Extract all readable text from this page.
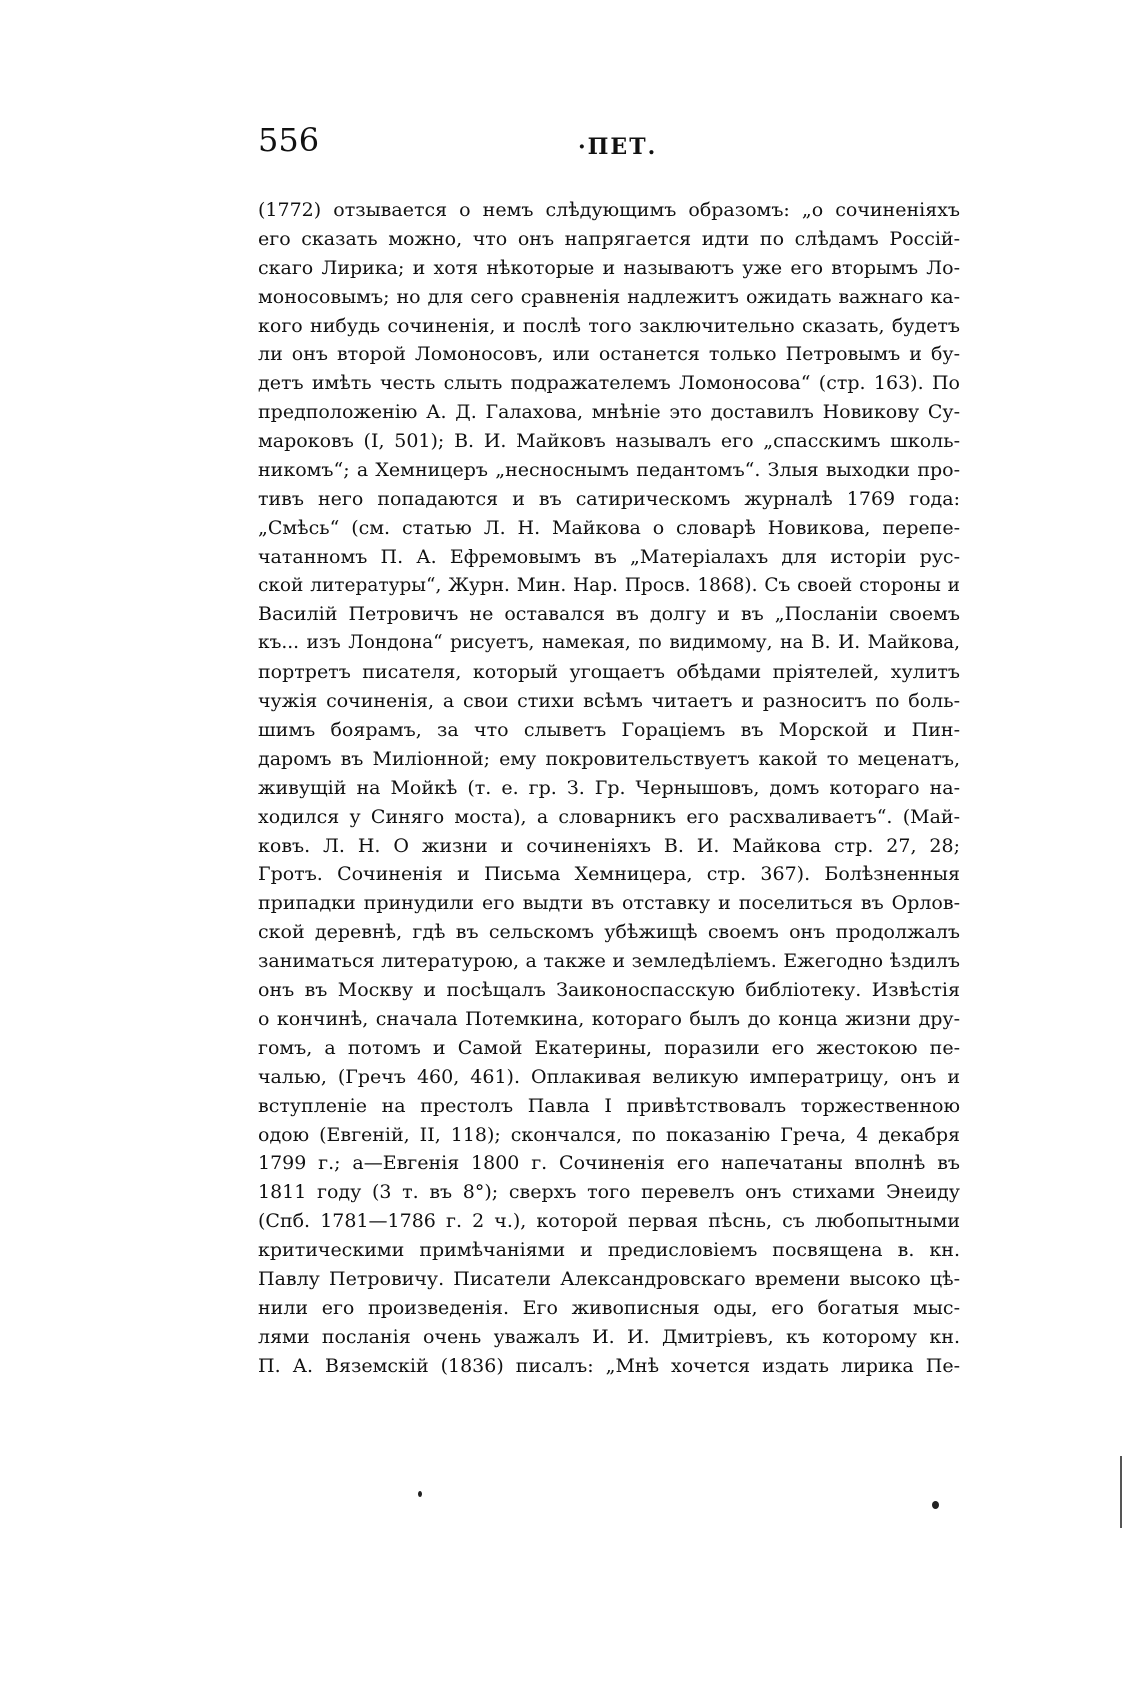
556	·ПЕТ.
(1772) отзывается о немъ слѣдующимъ образомъ: „о сочиненіяхъ
его сказать можно, что онъ напрягается идти по слѣдамъ Россій-
скаго Лирика; и хотя нѣкоторые и называютъ уже его вторымъ Ло-
моносовымъ; но для сего сравненія надлежитъ ожидать важнаго ка-
кого нибудь сочиненія, и послѣ того заключительно сказать, будетъ
ли онъ второй Ломоносовъ, или останется только Петровымъ и бу-
детъ имѣть честь слыть подражателемъ Ломоносова“ (стр. 163). По
предположенію А. Д. Галахова, мнѣніе это доставилъ Новикову Су-
мароковъ (I, 501); В. И. Майковъ называлъ его „спасскимъ школь-
никомъ“; а Хемницеръ „несноснымъ педантомъ“. Злыя выходки про-
тивъ него попадаются и въ сатирическомъ журналѣ 1769 года:
„Смѣсь“ (см. статью Л. Н. Майкова о словарѣ Новикова, перепе-
чатанномъ П. А. Ефремовымъ въ „Матеріалахъ для исторіи рус-
ской литературы“, Журн. Мин. Нар. Просв. 1868). Съ своей стороны и
Василій Петровичъ не оставался въ долгу и въ „Посланіи своемъ
къ... изъ Лондона“ рисуетъ, намекая, по видимому, на В. И. Майкова,
портретъ писателя, который угощаетъ обѣдами пріятелей, хулитъ
чужія сочиненія, а свои стихи всѣмъ читаетъ и разноситъ по боль-
шимъ боярамъ, за что слыветъ Гораціемъ въ Морской и Пин-
даромъ въ Миліонной; ему покровительствуетъ какой то меценатъ,
живущій на Мойкѣ (т. е. гр. З. Гр. Чернышовъ, домъ котораго на-
ходился у Синяго моста), а словарникъ его расхваливаетъ“. (Май-
ковъ. Л. Н. О жизни и сочиненіяхъ В. И. Майкова стр. 27, 28;
Гротъ. Сочиненія и Письма Хемницера, стр. 367). Болѣзненныя
припадки принудили его выдти въ отставку и поселиться въ Орлов-
ской деревнѣ, гдѣ въ сельскомъ убѣжищѣ своемъ онъ продолжалъ
заниматься литературою, а также и земледѣліемъ. Ежегодно ѣздилъ
онъ въ Москву и посѣщалъ Заиконоспасскую библіотеку. Извѣстія
о кончинѣ, сначала Потемкина, котораго былъ до конца жизни дру-
гомъ, а потомъ и Самой Екатерины, поразили его жестокою пе-
чалью, (Гречъ 460, 461). Оплакивая великую императрицу, онъ и
вступленіе на престолъ Павла I привѣтствовалъ торжественною
одою (Евгеній, II, 118); скончался, по показанію Греча, 4 декабря
1799 г.; а—Евгенія 1800 г. Сочиненія его напечатаны вполнѣ въ
1811 году (3 т. въ 8°); сверхъ того перевелъ онъ стихами Энеиду
(Спб. 1781—1786 г. 2 ч.), которой первая пѣснь, съ любопытными
критическими примѣчаніями и предисловіемъ посвящена в. кн.
Павлу Петровичу. Писатели Александровскаго времени высоко цѣ-
нили его произведенія. Его живописныя оды, его богатыя мыс-
лями посланія очень уважалъ И. И. Дмитріевъ, къ которому кн.
П. А. Вяземскій (1836) писалъ: „Мнѣ хочется издать лирика Пе-
